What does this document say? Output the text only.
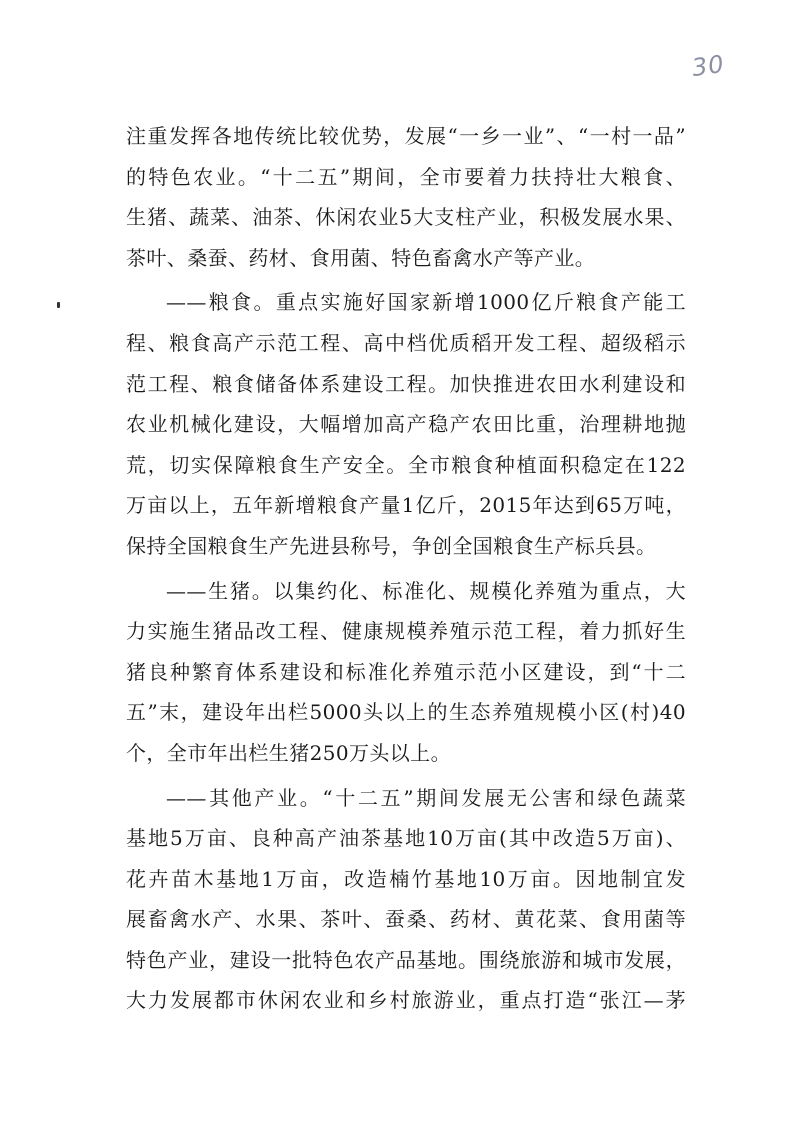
30
注重发挥各地传统比较优势，发展“一乡一业”、“一村一品”
的特色农业。“十二五”期间，全市要着力扶持壮大粮食、
生猪、蔬菜、油茶、休闲农业5大支柱产业，积极发展水果、
茶叶、桑蚕、药材、食用菌、特色畜禽水产等产业。
——粮食。重点实施好国家新增1000亿斤粮食产能工
程、粮食高产示范工程、高中档优质稻开发工程、超级稻示
范工程、粮食储备体系建设工程。加快推进农田水利建设和
农业机械化建设，大幅增加高产稳产农田比重，治理耕地抛
荒，切实保障粮食生产安全。全市粮食种植面积稳定在122
万亩以上，五年新增粮食产量1亿斤，2015年达到65万吨，
保持全国粮食生产先进县称号，争创全国粮食生产标兵县。
——生猪。以集约化、标准化、规模化养殖为重点，大
力实施生猪品改工程、健康规模养殖示范工程，着力抓好生
猪良种繁育体系建设和标准化养殖示范小区建设，到“十二
五”末，建设年出栏5000头以上的生态养殖规模小区(村)40
个，全市年出栏生猪250万头以上。
——其他产业。“十二五”期间发展无公害和绿色蔬菜
基地5万亩、良种高产油茶基地10万亩(其中改造5万亩)、
花卉苗木基地1万亩，改造楠竹基地10万亩。因地制宜发
展畜禽水产、水果、茶叶、蚕桑、药材、黄花菜、食用菌等
特色产业，建设一批特色农产品基地。围绕旅游和城市发展，
大力发展都市休闲农业和乡村旅游业，重点打造“张江—茅
